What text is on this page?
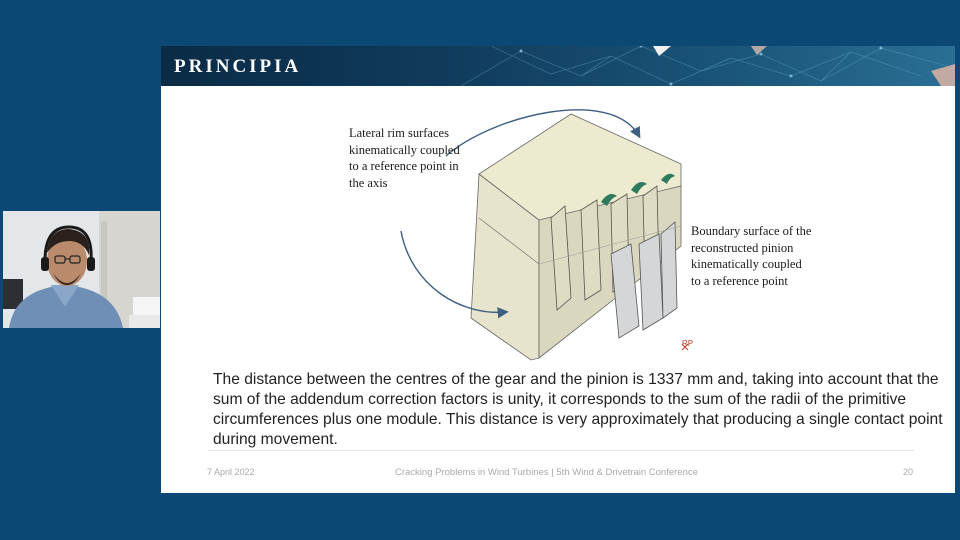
PRINCIPIA
Lateral rim surfaces
kinematically coupled
to a reference point in
the axis
Boundary surface of the
reconstructed pinion
kinematically coupled
to a reference point
$^{RP}$
The distance between the centres of the gear and the pinion is 1337 mm and, taking into account that the sum of the addendum correction factors is unity, it corresponds to the sum of the radii of the primitive circumferences plus one module. This distance is very approximately that producing a single contact point during movement.
7 April 2022	Cracking Problems in Wind Turbines | 5th Wind & Drivetrain Conference	20
